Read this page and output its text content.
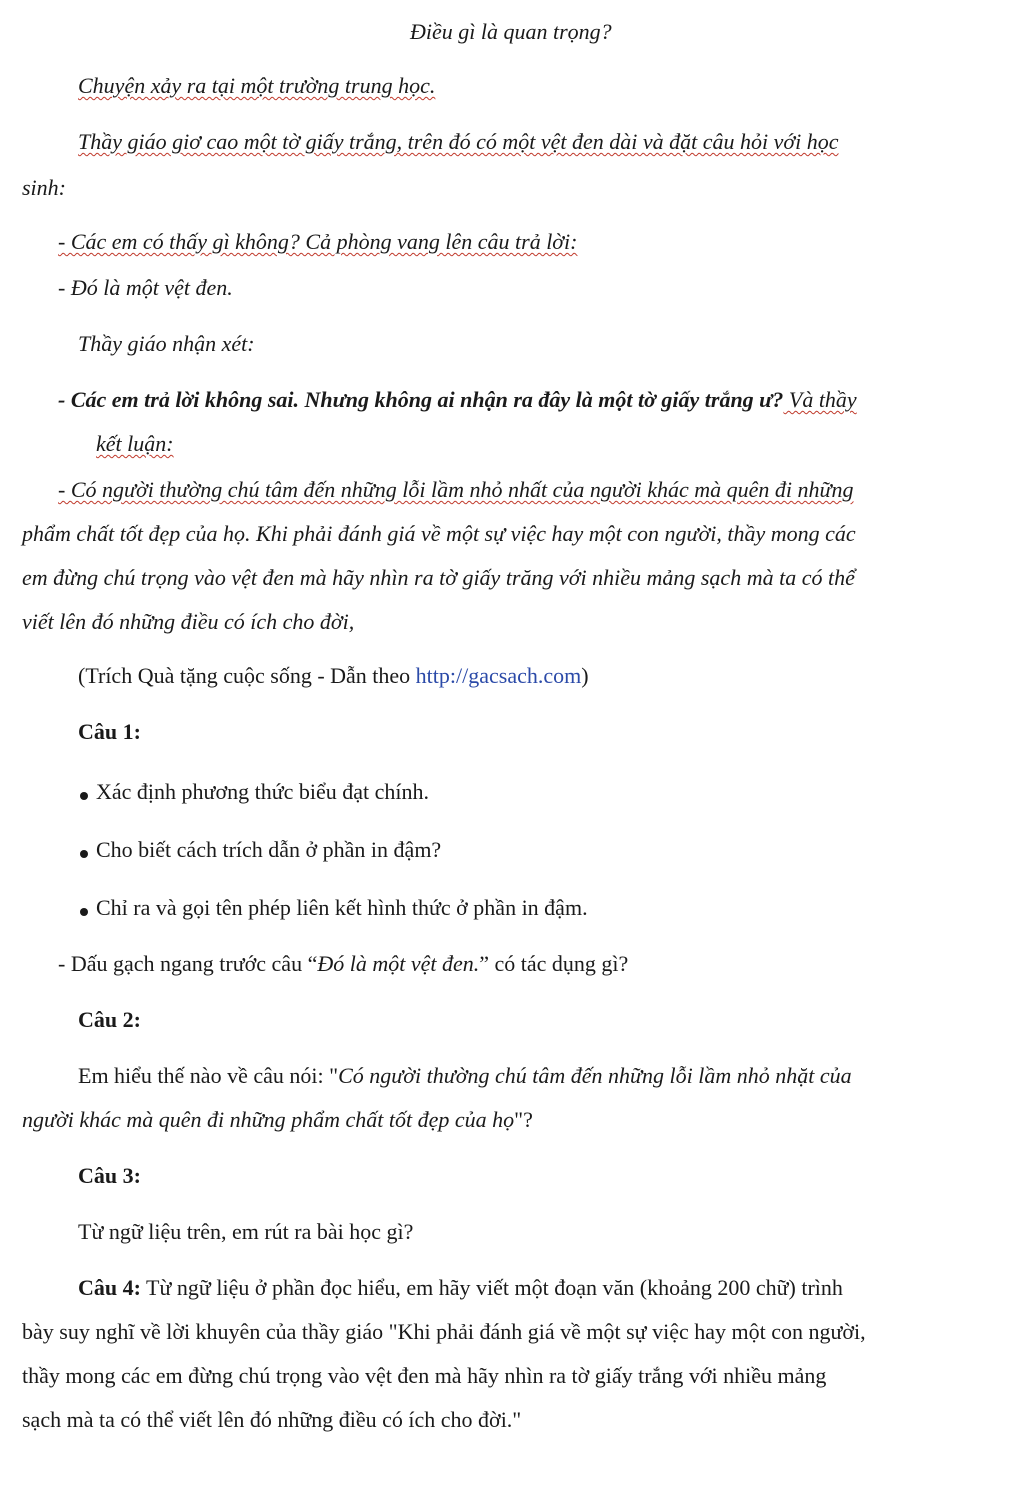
Điều gì là quan trọng?
Chuyện xảy ra tại một trường trung học.
Thầy giáo giơ cao một tờ giấy trắng, trên đó có một vệt đen dài và đặt câu hỏi với học
sinh:
- Các em có thấy gì không? Cả phòng vang lên câu trả lời:
- Đó là một vệt đen.
Thầy giáo nhận xét:
- Các em trả lời không sai. Nhưng không ai nhận ra đây là một tờ giấy trắng ư? Và thầy
kết luận:
- Có người thường chú tâm đến những lỗi lầm nhỏ nhất của người khác mà quên đi những
phẩm chất tốt đẹp của họ. Khi phải đánh giá về một sự việc hay một con người, thầy mong các
em đừng chú trọng vào vệt đen mà hãy nhìn ra tờ giấy trăng với nhiều mảng sạch mà ta có thể
viết lên đó những điều có ích cho đời,
(Trích Quà tặng cuộc sống - Dẫn theo http://gacsach.com)
Câu 1:
Xác định phương thức biểu đạt chính.
Cho biết cách trích dẫn ở phần in đậm?
Chỉ ra và gọi tên phép liên kết hình thức ở phần in đậm.
- Dấu gạch ngang trước câu “Đó là một vệt đen.” có tác dụng gì?
Câu 2:
Em hiểu thế nào về câu nói: "Có người thường chú tâm đến những lỗi lầm nhỏ nhặt của
người khác mà quên đi những phẩm chất tốt đẹp của họ"?
Câu 3:
Từ ngữ liệu trên, em rút ra bài học gì?
Câu 4: Từ ngữ liệu ở phần đọc hiểu, em hãy viết một đoạn văn (khoảng 200 chữ) trình
bày suy nghĩ về lời khuyên của thầy giáo "Khi phải đánh giá về một sự việc hay một con người,
thầy mong các em đừng chú trọng vào vệt đen mà hãy nhìn ra tờ giấy trắng với nhiều mảng
sạch mà ta có thể viết lên đó những điều có ích cho đời."
